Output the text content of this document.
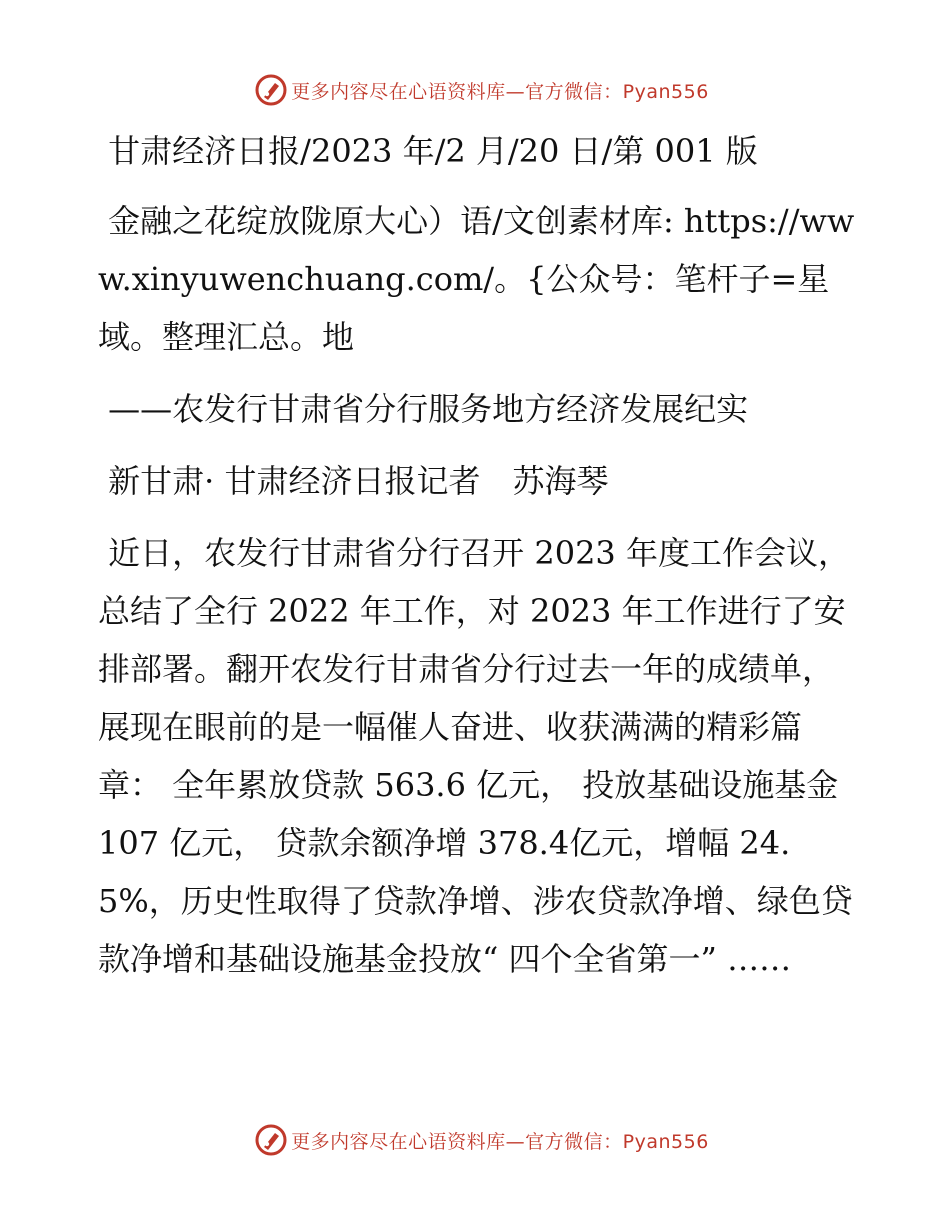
更多内容尽在心语资料库—官方微信：Pyan556

甘肃经济日报/2023 年/2 月/20 日/第 001 版

金融之花绽放陇原大心）语/文创素材库: https://www.xinyuwenchuang.com/。{公众号：笔杆子=星域。整理汇总。地

——农发行甘肃省分行服务地方经济发展纪实

新甘肃· 甘肃经济日报记者　苏海琴

近日，农发行甘肃省分行召开 2023 年度工作会议，总结了全行 2022 年工作，对 2023 年工作进行了安排部署。翻开农发行甘肃省分行过去一年的成绩单，展现在眼前的是一幅催人奋进、收获满满的精彩篇章： 全年累放贷款 563.6 亿元， 投放基础设施基金 107 亿元， 贷款余额净增 378.4亿元，增幅 24.5%，历史性取得了贷款净增、涉农贷款净增、绿色贷款净增和基础设施基金投放“ 四个全省第一” ……

更多内容尽在心语资料库—官方微信：Pyan556
